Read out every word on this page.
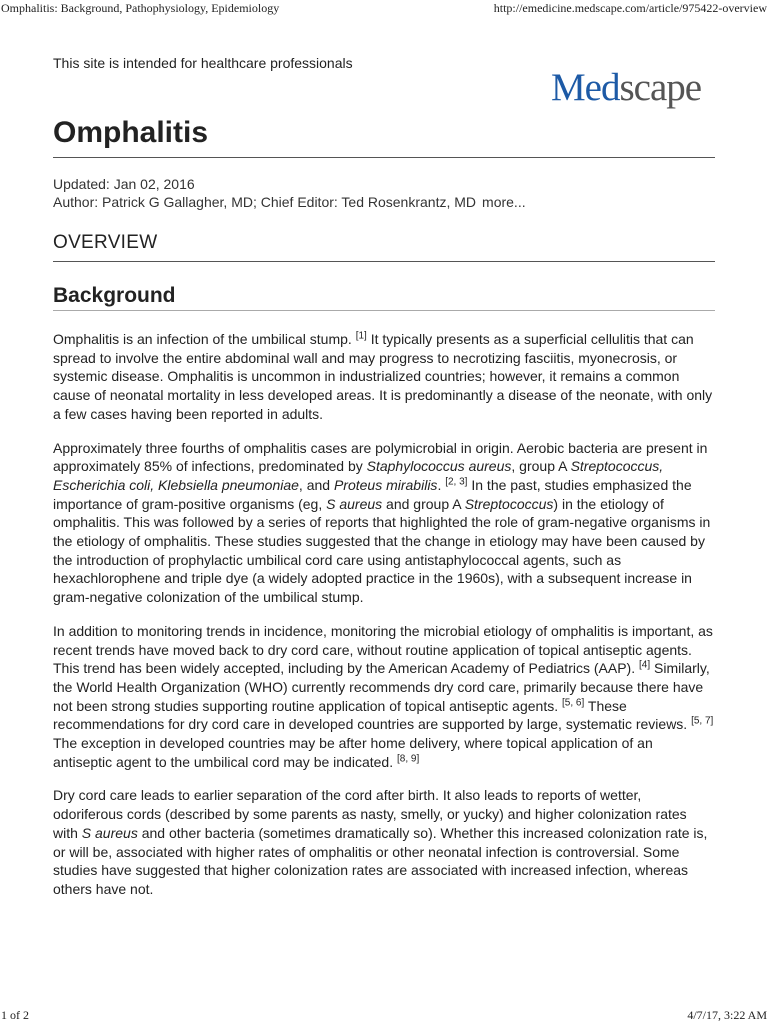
Omphalitis: Background, Pathophysiology, Epidemiology	http://emedicine.medscape.com/article/975422-overview
This site is intended for healthcare professionals
Medscape
Omphalitis
Updated: Jan 02, 2016
Author: Patrick G Gallagher, MD; Chief Editor: Ted Rosenkrantz, MD more...
OVERVIEW
Background

Omphalitis is an infection of the umbilical stump. [1] It typically presents as a superficial cellulitis that can spread to involve the entire abdominal wall and may progress to necrotizing fasciitis, myonecrosis, or systemic disease. Omphalitis is uncommon in industrialized countries; however, it remains a common cause of neonatal mortality in less developed areas. It is predominantly a disease of the neonate, with only a few cases having been reported in adults.

Approximately three fourths of omphalitis cases are polymicrobial in origin. Aerobic bacteria are present in approximately 85% of infections, predominated by Staphylococcus aureus, group A Streptococcus, Escherichia coli, Klebsiella pneumoniae, and Proteus mirabilis. [2, 3] In the past, studies emphasized the importance of gram-positive organisms (eg, S aureus and group A Streptococcus) in the etiology of omphalitis. This was followed by a series of reports that highlighted the role of gram-negative organisms in the etiology of omphalitis. These studies suggested that the change in etiology may have been caused by the introduction of prophylactic umbilical cord care using antistaphylococcal agents, such as hexachlorophene and triple dye (a widely adopted practice in the 1960s), with a subsequent increase in gram-negative colonization of the umbilical stump.

In addition to monitoring trends in incidence, monitoring the microbial etiology of omphalitis is important, as recent trends have moved back to dry cord care, without routine application of topical antiseptic agents. This trend has been widely accepted, including by the American Academy of Pediatrics (AAP). [4] Similarly, the World Health Organization (WHO) currently recommends dry cord care, primarily because there have not been strong studies supporting routine application of topical antiseptic agents. [5, 6] These recommendations for dry cord care in developed countries are supported by large, systematic reviews. [5, 7] The exception in developed countries may be after home delivery, where topical application of an antiseptic agent to the umbilical cord may be indicated. [8, 9]

Dry cord care leads to earlier separation of the cord after birth. It also leads to reports of wetter, odoriferous cords (described by some parents as nasty, smelly, or yucky) and higher colonization rates with S aureus and other bacteria (sometimes dramatically so). Whether this increased colonization rate is, or will be, associated with higher rates of omphalitis or other neonatal infection is controversial. Some studies have suggested that higher colonization rates are associated with increased infection, whereas others have not.

1 of 2	4/7/17, 3:22 AM
